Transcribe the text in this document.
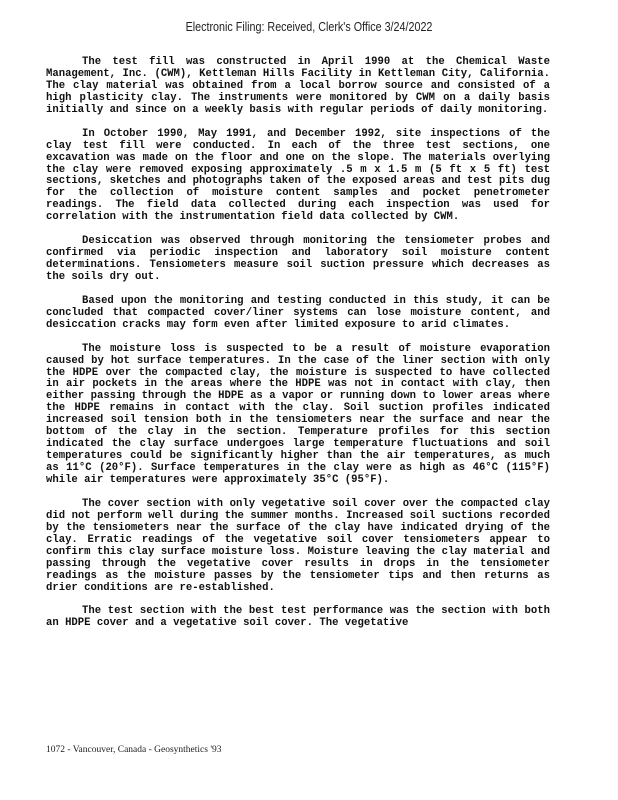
Electronic Filing: Received, Clerk's Office 3/24/2022

The test fill was constructed in April 1990 at the Chemical Waste Management, Inc. (CWM), Kettleman Hills Facility in Kettleman City, California. The clay material was obtained from a local borrow source and consisted of a high plasticity clay. The instruments were monitored by CWM on a daily basis initially and since on a weekly basis with regular periods of daily monitoring.

In October 1990, May 1991, and December 1992, site inspections of the clay test fill were conducted. In each of the three test sections, one excavation was made on the floor and one on the slope. The materials overlying the clay were removed exposing approximately .5 m x 1.5 m (5 ft x 5 ft) test sections, sketches and photographs taken of the exposed areas and test pits dug for the collection of moisture content samples and pocket penetrometer readings. The field data collected during each inspection was used for correlation with the instrumentation field data collected by CWM.

Desiccation was observed through monitoring the tensiometer probes and confirmed via periodic inspection and laboratory soil moisture content determinations. Tensiometers measure soil suction pressure which decreases as the soils dry out.

Based upon the monitoring and testing conducted in this study, it can be concluded that compacted cover/liner systems can lose moisture content, and desiccation cracks may form even after limited exposure to arid climates.

The moisture loss is suspected to be a result of moisture evaporation caused by hot surface temperatures. In the case of the liner section with only the HDPE over the compacted clay, the moisture is suspected to have collected in air pockets in the areas where the HDPE was not in contact with clay, then either passing through the HDPE as a vapor or running down to lower areas where the HDPE remains in contact with the clay. Soil suction profiles indicated increased soil tension both in the tensiometers near the surface and near the bottom of the clay in the section. Temperature profiles for this section indicated the clay surface undergoes large temperature fluctuations and soil temperatures could be significantly higher than the air temperatures, as much as 11°C (20°F). Surface temperatures in the clay were as high as 46°C (115°F) while air temperatures were approximately 35°C (95°F).

The cover section with only vegetative soil cover over the compacted clay did not perform well during the summer months. Increased soil suctions recorded by the tensiometers near the surface of the clay have indicated drying of the clay. Erratic readings of the vegetative soil cover tensiometers appear to confirm this clay surface moisture loss. Moisture leaving the clay material and passing through the vegetative cover results in drops in the tensiometer readings as the moisture passes by the tensiometer tips and then returns as drier conditions are re-established.

The test section with the best test performance was the section with both an HDPE cover and a vegetative soil cover. The vegetative

1072 - Vancouver, Canada - Geosynthetics '93
